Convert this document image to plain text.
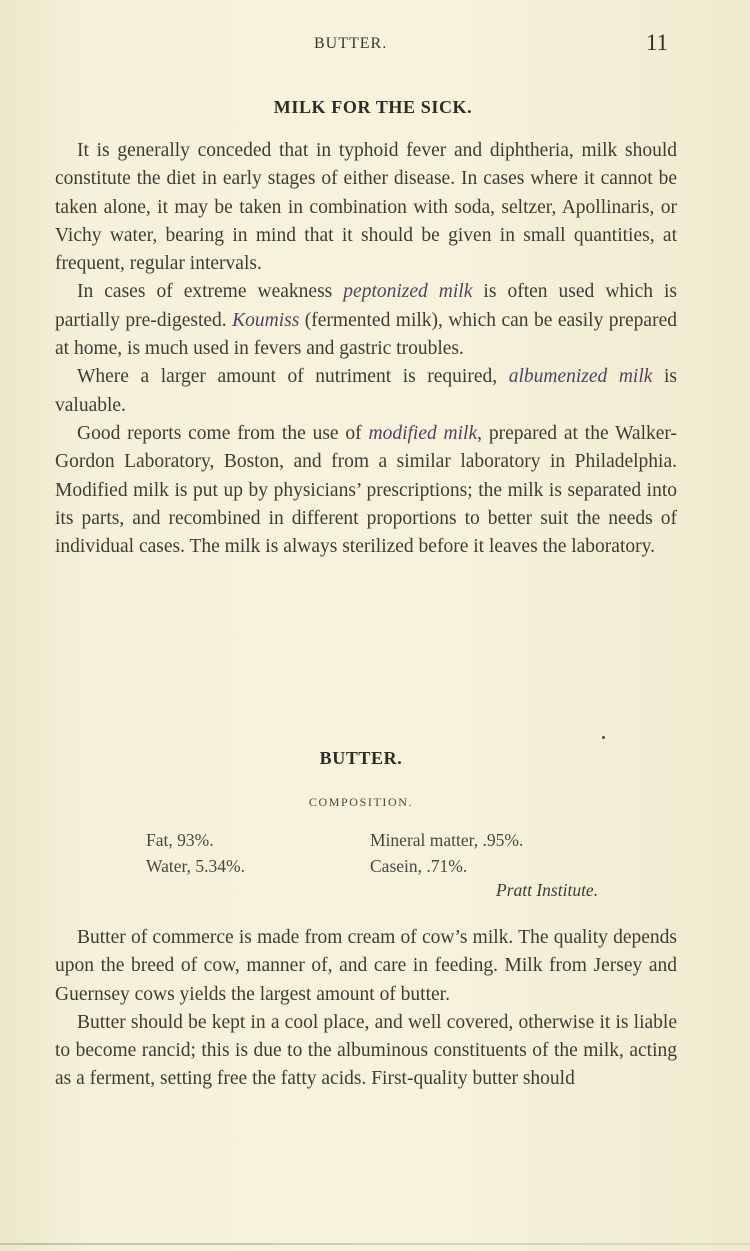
BUTTER.	11
MILK FOR THE SICK.

It is generally conceded that in typhoid fever and diphtheria, milk should constitute the diet in early stages of either disease. In cases where it cannot be taken alone, it may be taken in combination with soda, seltzer, Apollinaris, or Vichy water, bearing in mind that it should be given in small quantities, at frequent, regular intervals.

In cases of extreme weakness peptonized milk is often used which is partially pre-digested. Koumiss (fermented milk), which can be easily prepared at home, is much used in fevers and gastric troubles.

Where a larger amount of nutriment is required, albumenized milk is valuable.

Good reports come from the use of modified milk, prepared at the Walker-Gordon Laboratory, Boston, and from a similar laboratory in Philadelphia. Modified milk is put up by physicians’ prescriptions; the milk is separated into its parts, and recombined in different proportions to better suit the needs of individual cases. The milk is always sterilized before it leaves the laboratory.

BUTTER.
COMPOSITION.
Fat, 93%.
Water, 5.34%.
Mineral matter, .95%.
Casein, .71%.
Pratt Institute.

Butter of commerce is made from cream of cow’s milk. The quality depends upon the breed of cow, manner of, and care in feeding. Milk from Jersey and Guernsey cows yields the largest amount of butter.

Butter should be kept in a cool place, and well covered, otherwise it is liable to become rancid; this is due to the albuminous constituents of the milk, acting as a ferment, setting free the fatty acids. First-quality butter should
